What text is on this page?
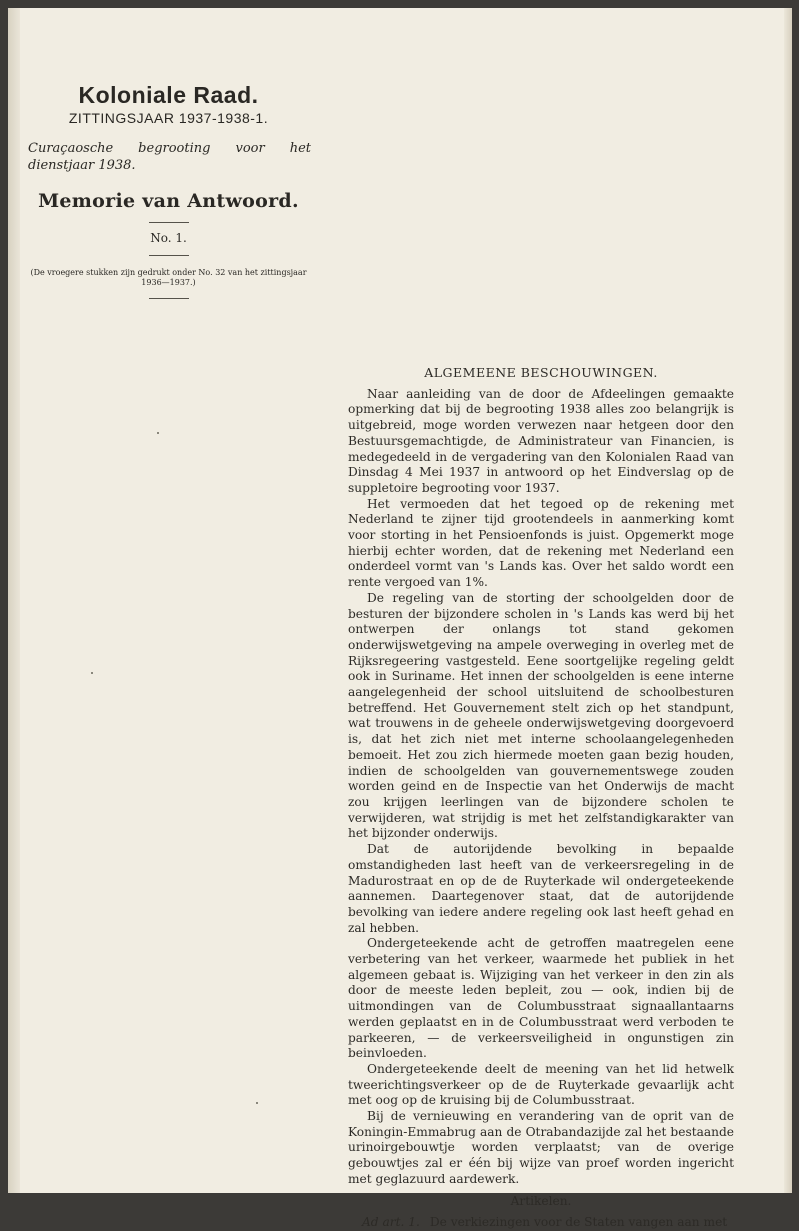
Koloniale Raad.
ZITTINGSJAAR 1937-1938-1.
Curaçaosche begrooting voor het dienstjaar 1938.
Memorie van Antwoord.
No. 1.
(De vroegere stukken zijn gedrukt onder No. 32 van het zittingsjaar 1936—1937.)
ALGEMEENE BESCHOUWINGEN.

Naar aanleiding van de door de Afdeelingen gemaakte opmerking dat bij de begrooting 1938 alles zoo belangrijk is uitgebreid, moge worden verwezen naar hetgeen door den Bestuursgemachtigde, de Administrateur van Financien, is medegedeeld in de vergadering van den Kolonialen Raad van Dinsdag 4 Mei 1937 in antwoord op het Eindverslag op de suppletoire begrooting voor 1937.

Het vermoeden dat het tegoed op de rekening met Nederland te zijner tijd grootendeels in aanmerking komt voor storting in het Pensioenfonds is juist. Opgemerkt moge hierbij echter worden, dat de rekening met Nederland een onderdeel vormt van 's Lands kas. Over het saldo wordt een rente vergoed van 1%.

De regeling van de storting der schoolgelden door de besturen der bijzondere scholen in 's Lands kas werd bij het ontwerpen der onlangs tot stand gekomen onderwijswetgeving na ampele overweging in overleg met de Rijksregeering vastgesteld. Eene soortgelijke regeling geldt ook in Suriname. Het innen der schoolgelden is eene interne aangelegenheid der school uitsluitend de schoolbesturen betreffend. Het Gouvernement stelt zich op het standpunt, wat trouwens in de geheele onderwijswetgeving doorgevoerd is, dat het zich niet met interne schoolaangelegenheden bemoeit. Het zou zich hiermede moeten gaan bezig houden, indien de schoolgelden van gouvernementswege zouden worden geind en de Inspectie van het Onderwijs de macht zou krijgen leerlingen van de bijzondere scholen te verwijderen, wat strijdig is met het zelfstandigkarakter van het bijzonder onderwijs.

Dat de autorijdende bevolking in bepaalde omstandigheden last heeft van de verkeersregeling in de Madurostraat en op de de Ruyterkade wil ondergeteekende aannemen. Daartegenover staat, dat de autorijdende bevolking van iedere andere regeling ook last heeft gehad en zal hebben.

Ondergeteekende acht de getroffen maatregelen eene verbetering van het verkeer, waarmede het publiek in het algemeen gebaat is. Wijziging van het verkeer in den zin als door de meeste leden bepleit, zou — ook, indien bij de uitmondingen van de Columbusstraat signaallantaarns werden geplaatst en in de Columbusstraat werd verboden te parkeeren, — de verkeersveiligheid in ongunstigen zin beinvloeden.

Ondergeteekende deelt de meening van het lid hetwelk tweerichtingsverkeer op de de Ruyterkade gevaarlijk acht met oog op de kruising bij de Columbusstraat.

Bij de vernieuwing en verandering van de oprit van de Koningin-Emmabrug aan de Otrabandazijde zal het bestaande urinoirgebouwtje worden verplaatst; van de overige gebouwtjes zal er één bij wijze van proef worden ingericht met geglazuurd aardewerk.

Artikelen.

Ad art. 1. De verkiezingen voor de Staten vangen aan met
